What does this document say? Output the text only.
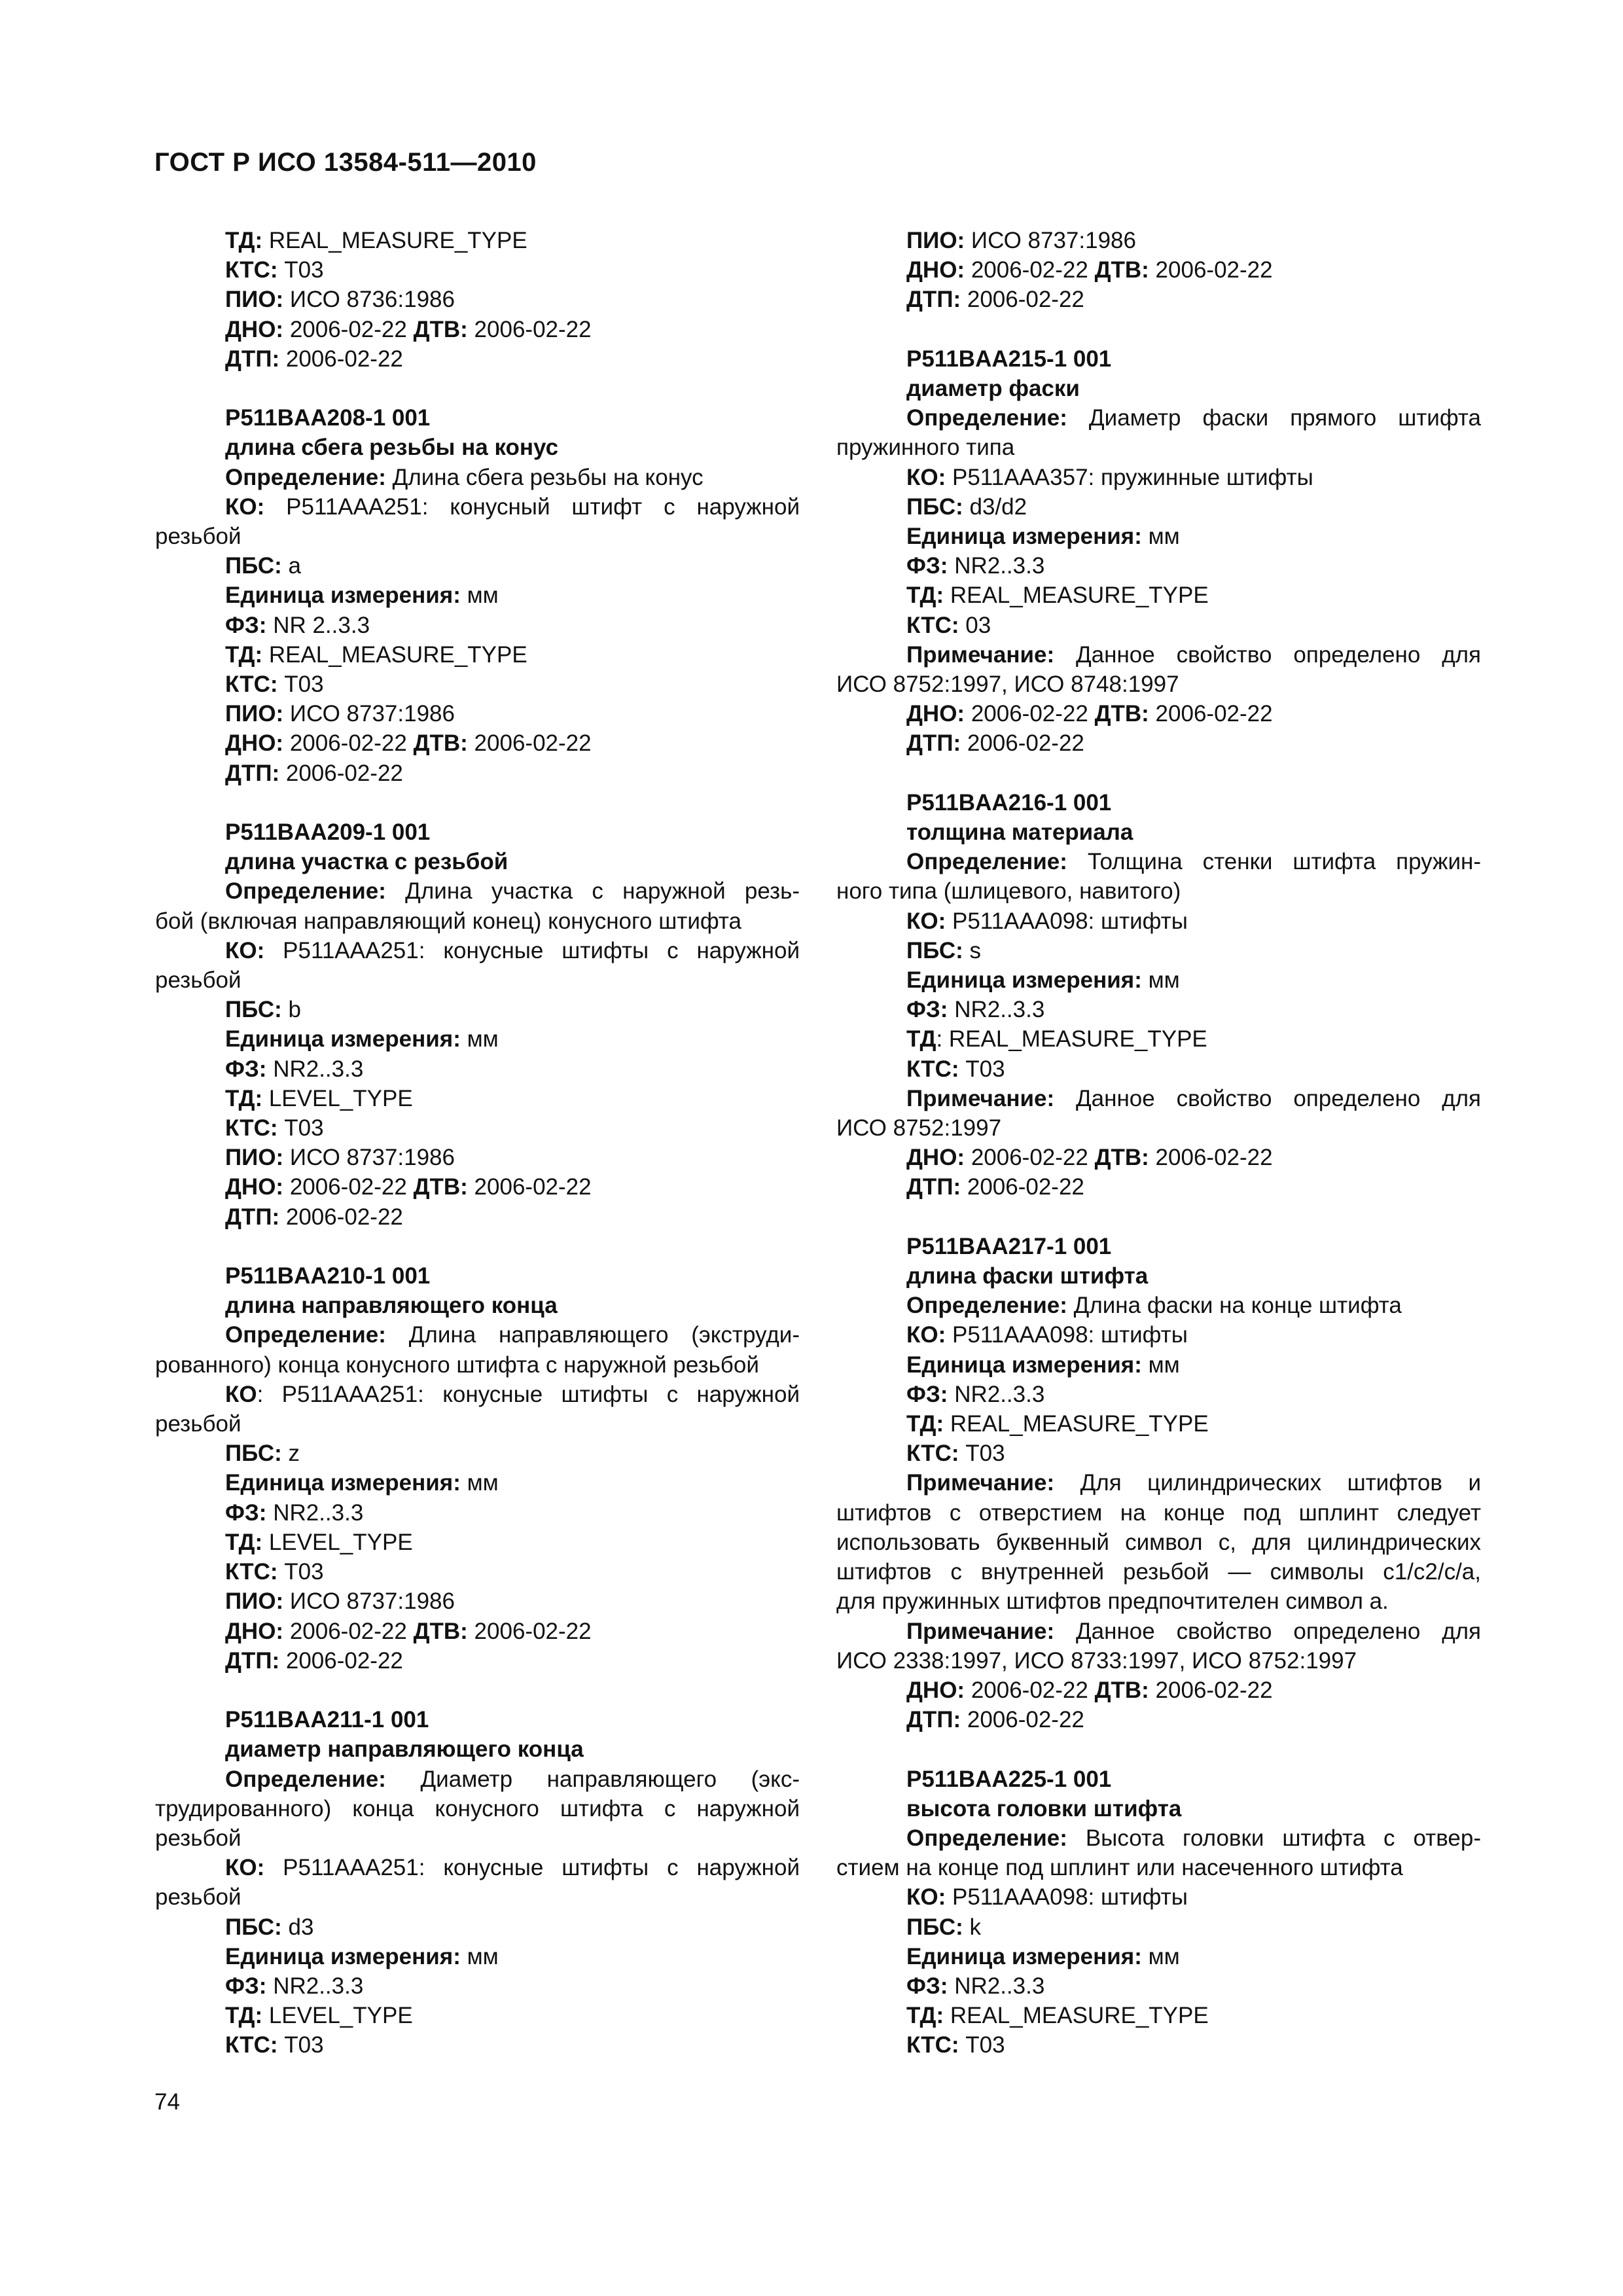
ГОСТ Р ИСО 13584-511—2010
ТД: REAL_MEASURE_TYPE
КТС: Т03
ПИО: ИСО 8736:1986
ДНО: 2006-02-22 ДТВ: 2006-02-22
ДТП: 2006-02-22
P511BAA208-1 001
длина сбега резьбы на конус
Определение: Длина сбега резьбы на конус
КО: P511AAA251: конусный штифт с наружной
резьбой
ПБС: a
Единица измерения: мм
ФЗ: NR 2..3.3
ТД: REAL_MEASURE_TYPE
КТС: Т03
ПИО: ИСО 8737:1986
ДНО: 2006-02-22 ДТВ: 2006-02-22
ДТП: 2006-02-22
P511BAA209-1 001
длина участка с резьбой
Определение: Длина участка с наружной резь-
бой (включая направляющий конец) конусного штифта
КО: P511AAA251: конусные штифты с наружной
резьбой
ПБС: b
Единица измерения: мм
ФЗ: NR2..3.3
ТД: LEVEL_TYPE
КТС: Т03
ПИО: ИСО 8737:1986
ДНО: 2006-02-22 ДТВ: 2006-02-22
ДТП: 2006-02-22
P511BAA210-1 001
длина направляющего конца
Определение: Длина направляющего (экструди-
рованного) конца конусного штифта с наружной резьбой
КО: P511AAA251: конусные штифты с наружной
резьбой
ПБС: z
Единица измерения: мм
ФЗ: NR2..3.3
ТД: LEVEL_TYPE
КТС: Т03
ПИО: ИСО 8737:1986
ДНО: 2006-02-22 ДТВ: 2006-02-22
ДТП: 2006-02-22
P511BAA211-1 001
диаметр направляющего конца
Определение: Диаметр направляющего (экс-
трудированного) конца конусного штифта с наружной
резьбой
КО: P511AAA251: конусные штифты с наружной
резьбой
ПБС: d3
Единица измерения: мм
ФЗ: NR2..3.3
ТД: LEVEL_TYPE
КТС: Т03
ПИО: ИСО 8737:1986
ДНО: 2006-02-22 ДТВ: 2006-02-22
ДТП: 2006-02-22
P511BAA215-1 001
диаметр фаски
Определение: Диаметр фаски прямого штифта
пружинного типа
КО: P511AAA357: пружинные штифты
ПБС: d3/d2
Единица измерения: мм
ФЗ: NR2..3.3
ТД: REAL_MEASURE_TYPE
КТС: 03
Примечание: Данное свойство определено для
ИСО 8752:1997, ИСО 8748:1997
ДНО: 2006-02-22 ДТВ: 2006-02-22
ДТП: 2006-02-22
P511BAA216-1 001
толщина материала
Определение: Толщина стенки штифта пружин-
ного типа (шлицевого, навитого)
КО: P511AAA098: штифты
ПБС: s
Единица измерения: мм
ФЗ: NR2..3.3
ТД: REAL_MEASURE_TYPE
КТС: Т03
Примечание: Данное свойство определено для
ИСО 8752:1997
ДНО: 2006-02-22 ДТВ: 2006-02-22
ДТП: 2006-02-22
P511BAA217-1 001
длина фаски штифта
Определение: Длина фаски на конце штифта
КО: P511AAA098: штифты
Единица измерения: мм
ФЗ: NR2..3.3
ТД: REAL_MEASURE_TYPE
КТС: Т03
Примечание: Для цилиндрических штифтов и
штифтов с отверстием на конце под шплинт следует
использовать буквенный символ c, для цилиндрических
штифтов с внутренней резьбой — символы c1/c2/c/a,
для пружинных штифтов предпочтителен символ a.
Примечание: Данное свойство определено для
ИСО 2338:1997, ИСО 8733:1997, ИСО 8752:1997
ДНО: 2006-02-22 ДТВ: 2006-02-22
ДТП: 2006-02-22
P511BAA225-1 001
высота головки штифта
Определение: Высота головки штифта с отвер-
стием на конце под шплинт или насеченного штифта
КО: P511AAA098: штифты
ПБС: k
Единица измерения: мм
ФЗ: NR2..3.3
ТД: REAL_MEASURE_TYPE
КТС: Т03
74
